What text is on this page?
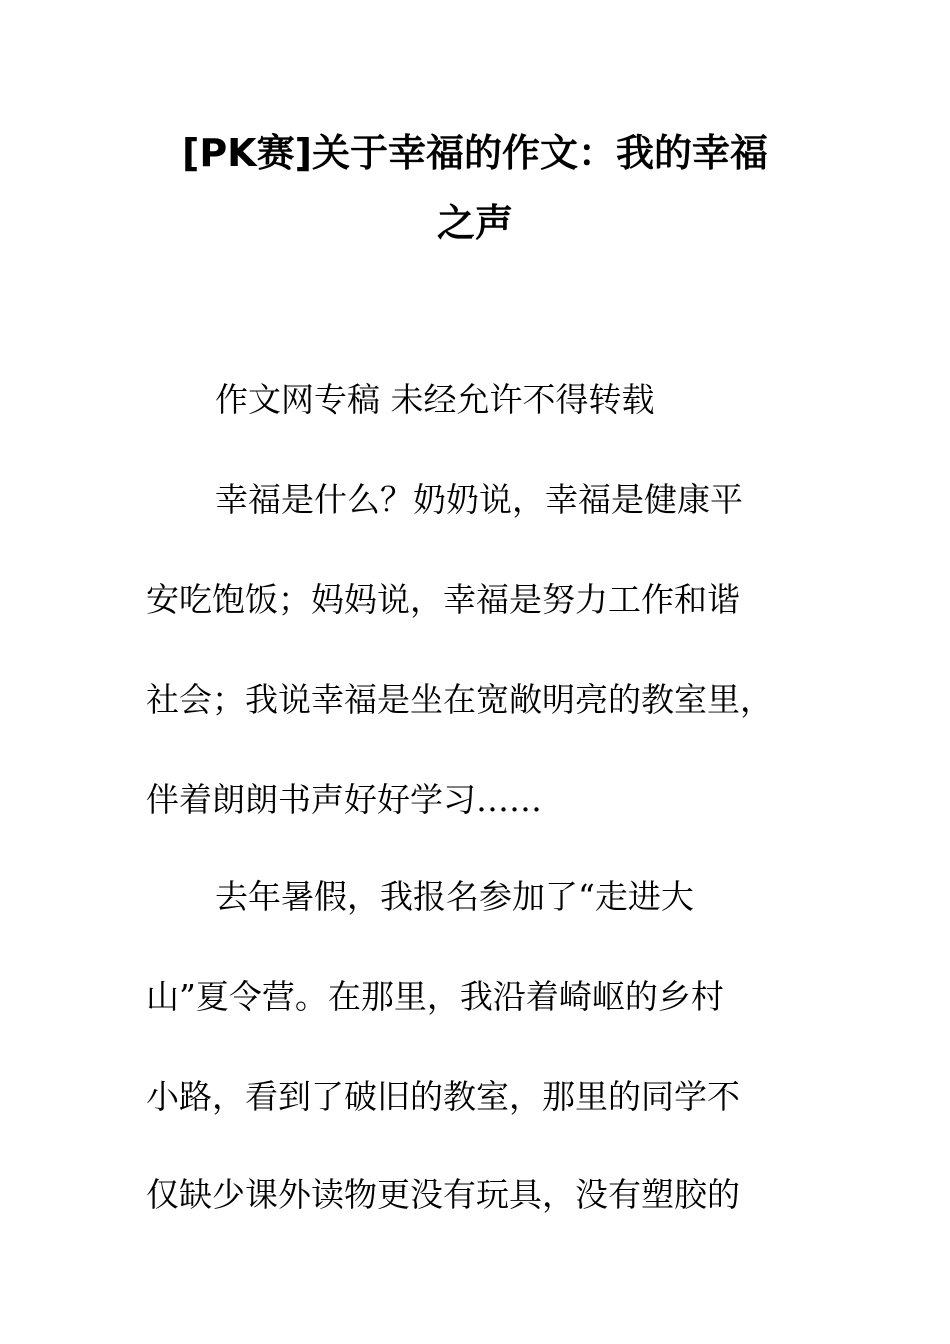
[PK赛]关于幸福的作文：我的幸福
之声
作文网专稿 未经允许不得转载
幸福是什么？奶奶说，幸福是健康平
安吃饱饭；妈妈说，幸福是努力工作和谐
社会；我说幸福是坐在宽敞明亮的教室里，
伴着朗朗书声好好学习……
去年暑假，我报名参加了“走进大
山”夏令营。在那里，我沿着崎岖的乡村
小路，看到了破旧的教室，那里的同学不
仅缺少课外读物更没有玩具，没有塑胶的
